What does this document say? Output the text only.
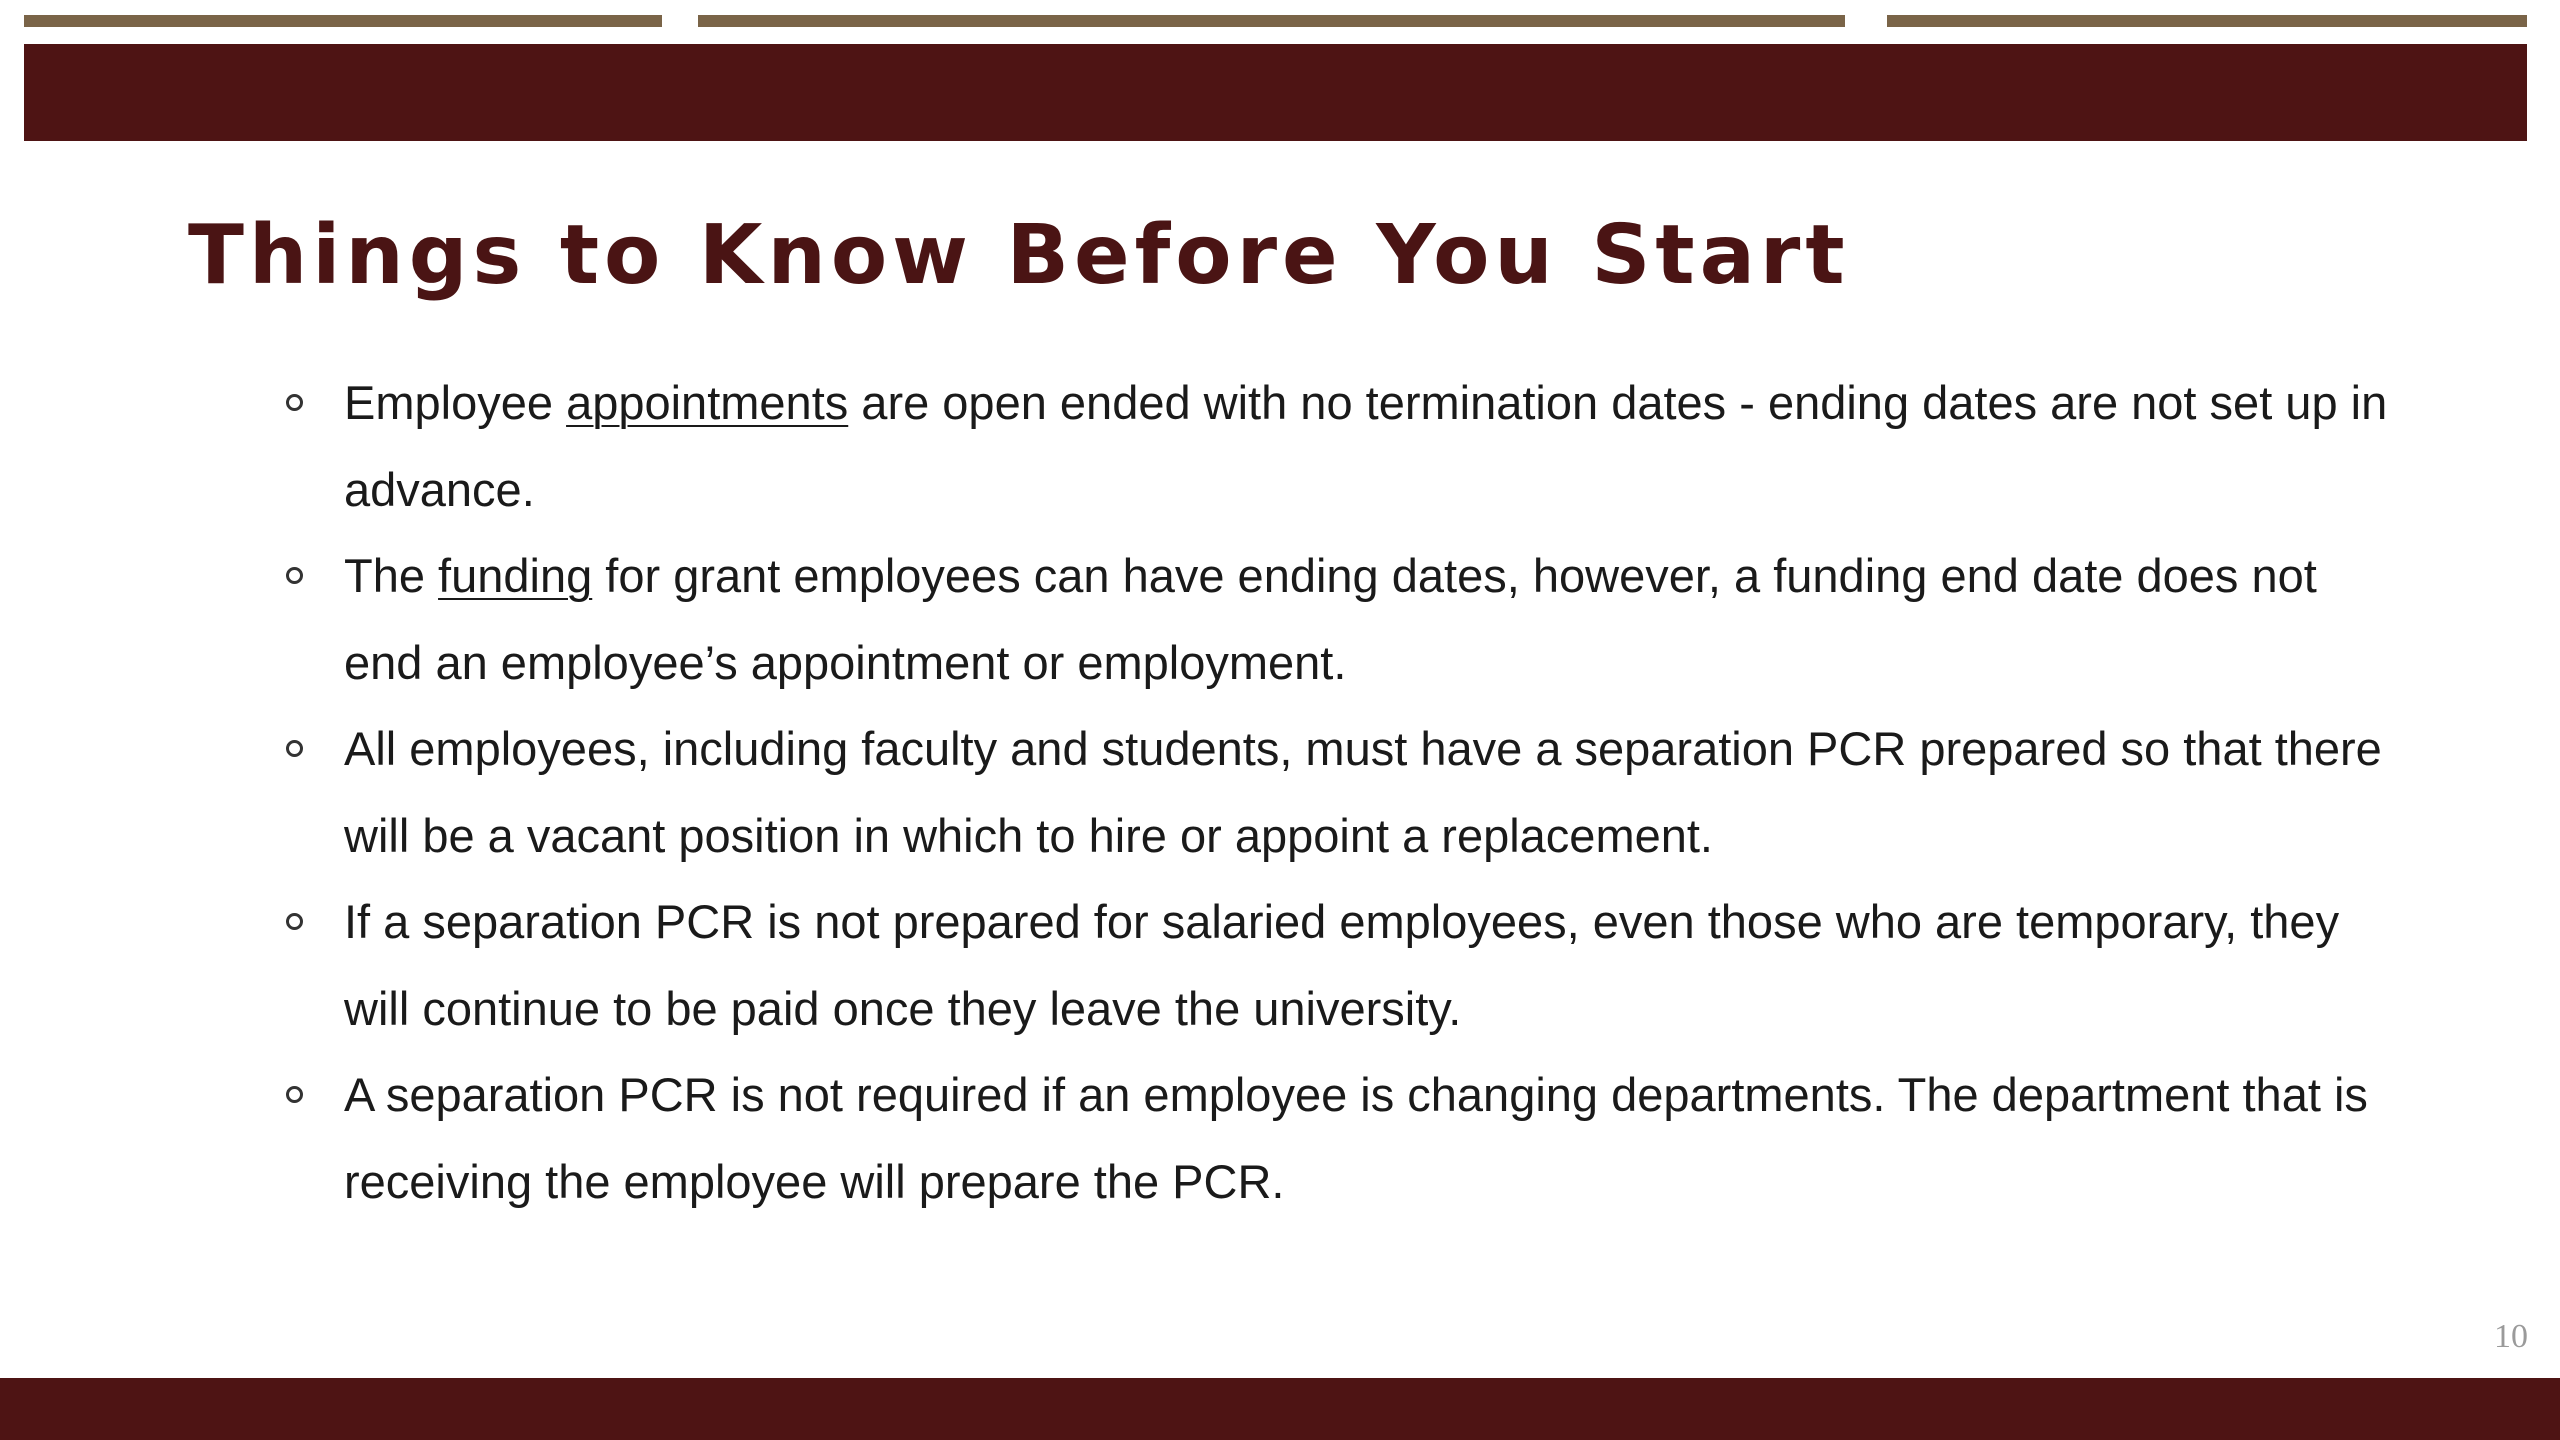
Things to Know Before You Start
Employee appointments are open ended with no termination dates - ending dates are not set up in advance.
The funding for grant employees can have ending dates, however, a funding end date does not end an employee’s appointment or employment.
All employees, including faculty and students, must have a separation PCR prepared so that there will be a vacant position in which to hire or appoint a replacement.
If a separation PCR is not prepared for salaried employees, even those who are temporary, they will continue to be paid once they leave the university.
A separation PCR is not required if an employee is changing departments. The department that is receiving the employee will prepare the PCR.
10
